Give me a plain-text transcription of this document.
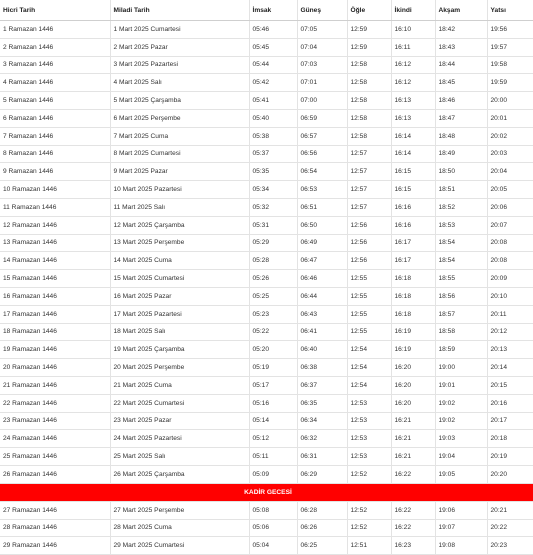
Hicri Tarih	Miladi Tarih	İmsak	Güneş	Öğle	İkindi	Akşam	Yatsı
1 Ramazan 1446	1 Mart 2025 Cumartesi	05:46	07:05	12:59	16:10	18:42	19:56
2 Ramazan 1446	2 Mart 2025 Pazar	05:45	07:04	12:59	16:11	18:43	19:57
3 Ramazan 1446	3 Mart 2025 Pazartesi	05:44	07:03	12:58	16:12	18:44	19:58
4 Ramazan 1446	4 Mart 2025 Salı	05:42	07:01	12:58	16:12	18:45	19:59
5 Ramazan 1446	5 Mart 2025 Çarşamba	05:41	07:00	12:58	16:13	18:46	20:00
6 Ramazan 1446	6 Mart 2025 Perşembe	05:40	06:59	12:58	16:13	18:47	20:01
7 Ramazan 1446	7 Mart 2025 Cuma	05:38	06:57	12:58	16:14	18:48	20:02
8 Ramazan 1446	8 Mart 2025 Cumartesi	05:37	06:56	12:57	16:14	18:49	20:03
9 Ramazan 1446	9 Mart 2025 Pazar	05:35	06:54	12:57	16:15	18:50	20:04
10 Ramazan 1446	10 Mart 2025 Pazartesi	05:34	06:53	12:57	16:15	18:51	20:05
11 Ramazan 1446	11 Mart 2025 Salı	05:32	06:51	12:57	16:16	18:52	20:06
12 Ramazan 1446	12 Mart 2025 Çarşamba	05:31	06:50	12:56	16:16	18:53	20:07
13 Ramazan 1446	13 Mart 2025 Perşembe	05:29	06:49	12:56	16:17	18:54	20:08
14 Ramazan 1446	14 Mart 2025 Cuma	05:28	06:47	12:56	16:17	18:54	20:08
15 Ramazan 1446	15 Mart 2025 Cumartesi	05:26	06:46	12:55	16:18	18:55	20:09
16 Ramazan 1446	16 Mart 2025 Pazar	05:25	06:44	12:55	16:18	18:56	20:10
17 Ramazan 1446	17 Mart 2025 Pazartesi	05:23	06:43	12:55	16:18	18:57	20:11
18 Ramazan 1446	18 Mart 2025 Salı	05:22	06:41	12:55	16:19	18:58	20:12
19 Ramazan 1446	19 Mart 2025 Çarşamba	05:20	06:40	12:54	16:19	18:59	20:13
20 Ramazan 1446	20 Mart 2025 Perşembe	05:19	06:38	12:54	16:20	19:00	20:14
21 Ramazan 1446	21 Mart 2025 Cuma	05:17	06:37	12:54	16:20	19:01	20:15
22 Ramazan 1446	22 Mart 2025 Cumartesi	05:16	06:35	12:53	16:20	19:02	20:16
23 Ramazan 1446	23 Mart 2025 Pazar	05:14	06:34	12:53	16:21	19:02	20:17
24 Ramazan 1446	24 Mart 2025 Pazartesi	05:12	06:32	12:53	16:21	19:03	20:18
25 Ramazan 1446	25 Mart 2025 Salı	05:11	06:31	12:53	16:21	19:04	20:19
26 Ramazan 1446	26 Mart 2025 Çarşamba	05:09	06:29	12:52	16:22	19:05	20:20
KADİR GECESİ							
27 Ramazan 1446	27 Mart 2025 Perşembe	05:08	06:28	12:52	16:22	19:06	20:21
28 Ramazan 1446	28 Mart 2025 Cuma	05:06	06:26	12:52	16:22	19:07	20:22
29 Ramazan 1446	29 Mart 2025 Cumartesi	05:04	06:25	12:51	16:23	19:08	20:23
